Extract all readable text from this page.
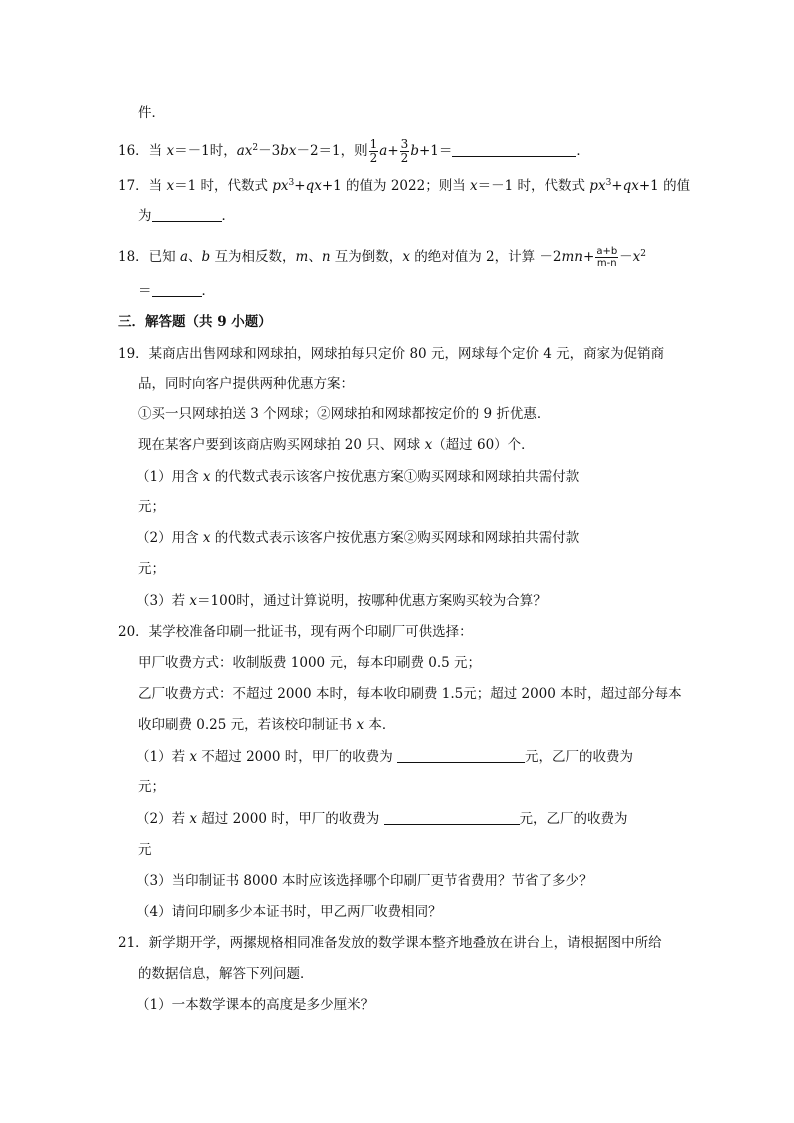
件．
16．当 x＝－1时，$ax^2-3bx-2=1$，则 $\frac{1}{2} a+ \frac{3}{2} b+1=$	．
17．当 x＝1 时，代数式 $px^3+qx+1$ 的值为 2022；则当 x＝－1 时，代数式 $px^3+qx+1$ 的值
为	．
18．已知 a、b 互为相反数，m、n 互为倒数，x 的绝对值为 2，计算 $-2mn+ \frac{a+b}{m-n} -x^2$
＝	．
三．解答题（共 9 小题）
19．某商店出售网球和网球拍，网球拍每只定价 80 元，网球每个定价 4 元，商家为促销商
品，同时向客户提供两种优惠方案：
①买一只网球拍送 3 个网球；②网球拍和网球都按定价的 9 折优惠．
现在某客户要到该商店购买网球拍 20 只、网球 x（超过 60）个．
（1）用含 x 的代数式表示该客户按优惠方案①购买网球和网球拍共需付款
元；
（2）用含 x 的代数式表示该客户按优惠方案②购买网球和网球拍共需付款
元；
（3）若 x＝100时，通过计算说明，按哪种优惠方案购买较为合算？
20．某学校准备印刷一批证书，现有两个印刷厂可供选择：
甲厂收费方式：收制版费 1000 元，每本印刷费 0.5 元；
乙厂收费方式：不超过 2000 本时，每本收印刷费 1.5元；超过 2000 本时，超过部分每本
收印刷费 0.25 元，若该校印制证书 x 本．
（1）若 x 不超过 2000 时，甲厂的收费为	元，乙厂的收费为
元；
（2）若 x 超过 2000 时，甲厂的收费为	元，乙厂的收费为
元
（3）当印制证书 8000 本时应该选择哪个印刷厂更节省费用？节省了多少？
（4）请问印刷多少本证书时，甲乙两厂收费相同？
21．新学期开学，两摞规格相同准备发放的数学课本整齐地叠放在讲台上，请根据图中所给
的数据信息，解答下列问题．
（1）一本数学课本的高度是多少厘米？
